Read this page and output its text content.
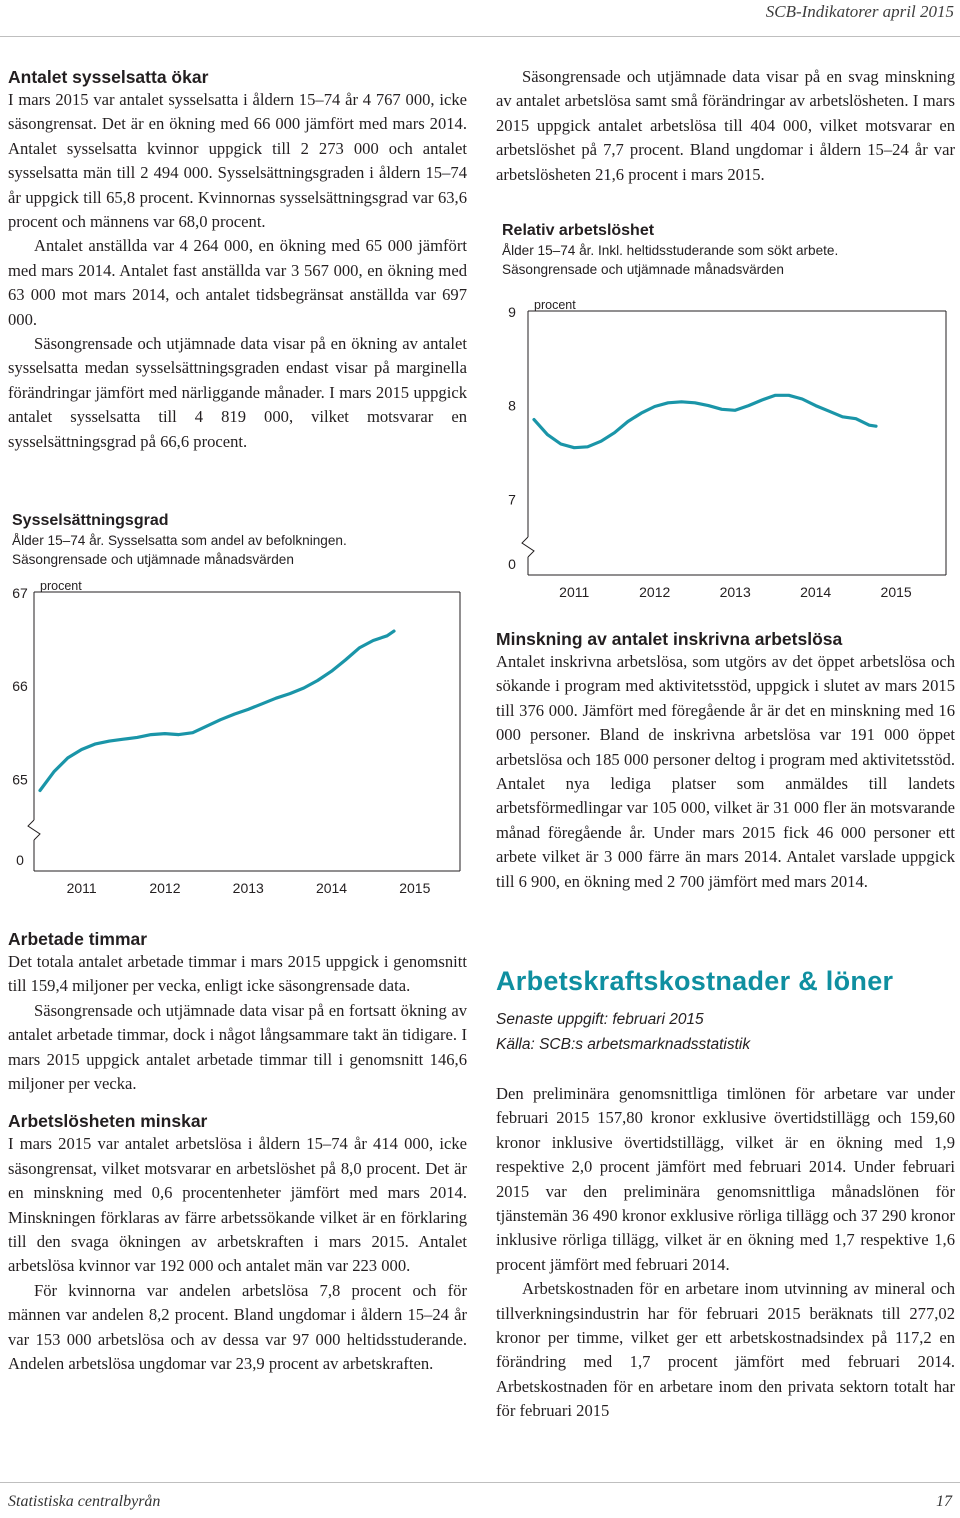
SCB-Indikatorer april 2015

Antalet sysselsatta ökar

I mars 2015 var antalet sysselsatta i åldern 15–74 år 4 767 000, icke säsongrensat. Det är en ökning med 66 000 jämfört med mars 2014. Antalet sysselsatta kvinnor uppgick till 2 273 000 och antalet sysselsatta män till 2 494 000. Sysselsättningsgraden i åldern 15–74 år uppgick till 65,8 procent. Kvinnornas sysselsättningsgrad var 63,6 procent och männens var 68,0 procent.

Antalet anställda var 4 264 000, en ökning med 65 000 jämfört med mars 2014. Antalet fast anställda var 3 567 000, en ökning med 63 000 mot mars 2014, och antalet tidsbegränsat anställda var 697 000.

Säsongrensade och utjämnade data visar på en ökning av antalet sysselsatta medan sysselsättningsgraden endast visar på marginella förändringar jämfört med närliggande månader. I mars 2015 uppgick antalet sysselsatta till 4 819 000, vilket motsvarar en sysselsättningsgrad på 66,6 procent.

Sysselsättningsgrad

Ålder 15–74 år. Sysselsatta som andel av befolkningen.

Säsongrensade och utjämnade månadsvärden

67
66
65
0
procent
2011	2012	2013	2014	2015

Arbetade timmar

Det totala antalet arbetade timmar i mars 2015 uppgick i genomsnitt till 159,4 miljoner per vecka, enligt icke säsongrensade data.

Säsongrensade och utjämnade data visar på en fortsatt ökning av antalet arbetade timmar, dock i något långsammare takt än tidigare. I mars 2015 uppgick antalet arbetade timmar till i genomsnitt 146,6 miljoner per vecka.

Arbetslösheten minskar

I mars 2015 var antalet arbetslösa i åldern 15–74 år 414 000, icke säsongrensat, vilket motsvarar en arbetslöshet på 8,0 procent. Det är en minskning med 0,6 procentenheter jämfört med mars 2014. Minskningen förklaras av färre arbetssökande vilket är en förklaring till den svaga ökningen av arbetskraften i mars 2015. Antalet arbetslösa kvinnor var 192 000 och antalet män var 223 000.

För kvinnorna var andelen arbetslösa 7,8 procent och för männen var andelen 8,2 procent. Bland ungdomar i åldern 15–24 år var 153 000 arbetslösa och av dessa var 97 000 heltidsstuderande. Andelen arbetslösa ungdomar var 23,9 procent av arbetskraften.

Säsongrensade och utjämnade data visar på en svag minskning av antalet arbetslösa samt små förändringar av arbetslösheten. I mars 2015 uppgick antalet arbetslösa till 404 000, vilket motsvarar en arbetslöshet på 7,7 procent. Bland ungdomar i åldern 15–24 år var arbetslösheten 21,6 procent i mars 2015.

Relativ arbetslöshet

Ålder 15–74 år. Inkl. heltidsstuderande som sökt arbete.

Säsongrensade och utjämnade månadsvärden

9
8
7
0
procent
2011	2012	2013	2014	2015

Minskning av antalet inskrivna arbetslösa

Antalet inskrivna arbetslösa, som utgörs av det öppet arbetslösa och sökande i program med aktivitetsstöd, uppgick i slutet av mars 2015 till 376 000. Jämfört med föregående år är det en minskning med 16 000 personer. Bland de inskrivna arbetslösa var 191 000 öppet arbetslösa och 185 000 personer deltog i program med aktivitetsstöd. Antalet nya lediga platser som anmäldes till landets arbetsförmedlingar var 105 000, vilket är 31 000 fler än motsvarande månad föregående år. Under mars 2015 fick 46 000 personer ett arbete vilket är 3 000 färre än mars 2014. Antalet varslade uppgick till 6 900, en ökning med 2 700 jämfört med mars 2014.

Arbetskraftskostnader & löner

Senaste uppgift: februari 2015

Källa: SCB:s arbetsmarknadsstatistik

Den preliminära genomsnittliga timlönen för arbetare var under februari 2015 157,80 kronor exklusive övertidstillägg och 159,60 kronor inklusive övertidstillägg, vilket är en ökning med 1,9 respektive 2,0 procent jämfört med februari 2014. Under februari 2015 var den preliminära genomsnittliga månadslönen för tjänstemän 36 490 kronor exklusive rörliga tillägg och 37 290 kronor inklusive rörliga tillägg, vilket är en ökning med 1,7 respektive 1,6 procent jämfört med februari 2014.

Arbetskostnaden för en arbetare inom utvinning av mineral och tillverkningsindustrin har för februari 2015 beräknats till 277,02 kronor per timme, vilket ger ett arbetskostnadsindex på 117,2 en förändring med 1,7 procent jämfört med februari 2014. Arbetskostnaden för en arbetare inom den privata sektorn totalt har för februari 2015

Statistiska centralbyrån	17
